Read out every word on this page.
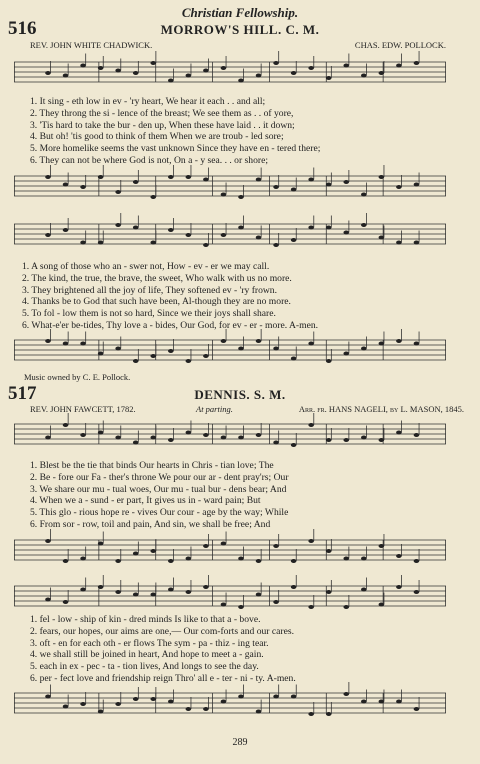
Christian Fellowship.
516	MORROW'S HILL. C. M.
REV. JOHN WHITE CHADWICK.	CHAS. EDW. POLLOCK.
1. It sing - eth low in ev - 'ry heart, We hear it each . . and all;
2. They throng the si - lence of the breast; We see them as . . of yore,
3. 'Tis hard to take the bur - den up, When these have laid . . it down;
4. But oh! 'tis good to think of them When we are troub - led sore;
5. More homelike seems the vast unknown Since they have en - tered there;
6. They can not be where God is not, On a - y sea. . . or shore;
1. A song of those who an - swer not, How - ev - er we may call.
2. The kind, the true, the brave, the sweet, Who walk with us no more.
3. They brightened all the joy of life, They softened ev - 'ry frown.
4. Thanks be to God that such have been, Al-though they are no more.
5. To fol - low them is not so hard, Since we their joys shall share.
6. What-e'er be-tides, Thy love a - bides, Our God, for ev - er - more. A-men.
Music owned by C. E. Pollock.
517	DENNIS. S. M.
REV. JOHN FAWCETT, 1782.	At parting.	Arr. fr. HANS NAGELI, by L. MASON, 1845.
1. Blest be the tie that binds Our hearts in Chris - tian love; The
2. Be - fore our Fa - ther's throne We pour our ar - dent pray'rs; Our
3. We share our mu - tual woes, Our mu - tual bur - dens bear; And
4. When we a - sund - er part, It gives us in - ward pain; But
5. This glo - rious hope re - vives Our cour - age by the way; While
6. From sor - row, toil and pain, And sin, we shall be free; And
1. fel - low - ship of kin - dred minds Is like to that a - bove.
2. fears, our hopes, our aims are one,— Our com-forts and our cares.
3. oft - en for each oth - er flows The sym - pa - thiz - ing tear.
4. we shall still be joined in heart, And hope to meet a - gain.
5. each in ex - pec - ta - tion lives, And longs to see the day.
6. per - fect love and friendship reign Thro' all e - ter - ni - ty. A-men.
289
